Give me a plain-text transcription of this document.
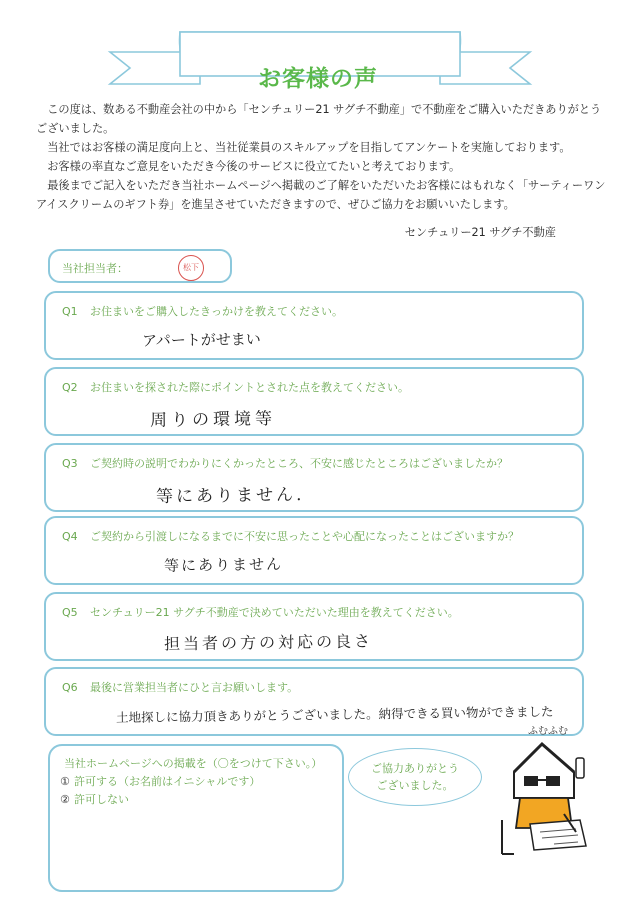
お客様の声

この度は、数ある不動産会社の中から「センチュリー21 サグチ不動産」で不動産をご購入いただきありがとうございました。

当社ではお客様の満足度向上と、当社従業員のスキルアップを目指してアンケートを実施しております。

お客様の率直なご意見をいただき今後のサービスに役立てたいと考えております。

最後までご記入をいただき当社ホームページへ掲載のご了解をいただいたお客様にはもれなく「サーティーワンアイスクリームのギフト券」を進呈させていただきますので、ぜひご協力をお願いいたします。

センチュリー21 サグチ不動産
当社担当者：	松下
Q1 お住まいをご購入したきっかけを教えてください。
アパートがせまい
Q2 お住まいを探された際にポイントとされた点を教えてください。
周りの環境等
Q3 ご契約時の説明でわかりにくかったところ、不安に感じたところはございましたか？
等にありません.
Q4 ご契約から引渡しになるまでに不安に思ったことや心配になったことはございますか？
等にありません
Q5 センチュリー21 サグチ不動産で決めていただいた理由を教えてください。
担当者の方の対応の良さ
Q6 最後に営業担当者にひと言お願いします。
土地探しに協力頂きありがとうございました。納得できる買い物ができました
当社ホームページへの掲載を（〇をつけて下さい。）
① 許可する（お名前はイニシャルです）
② 許可しない
ご協力ありがとう
ございました。
ふむふむ
